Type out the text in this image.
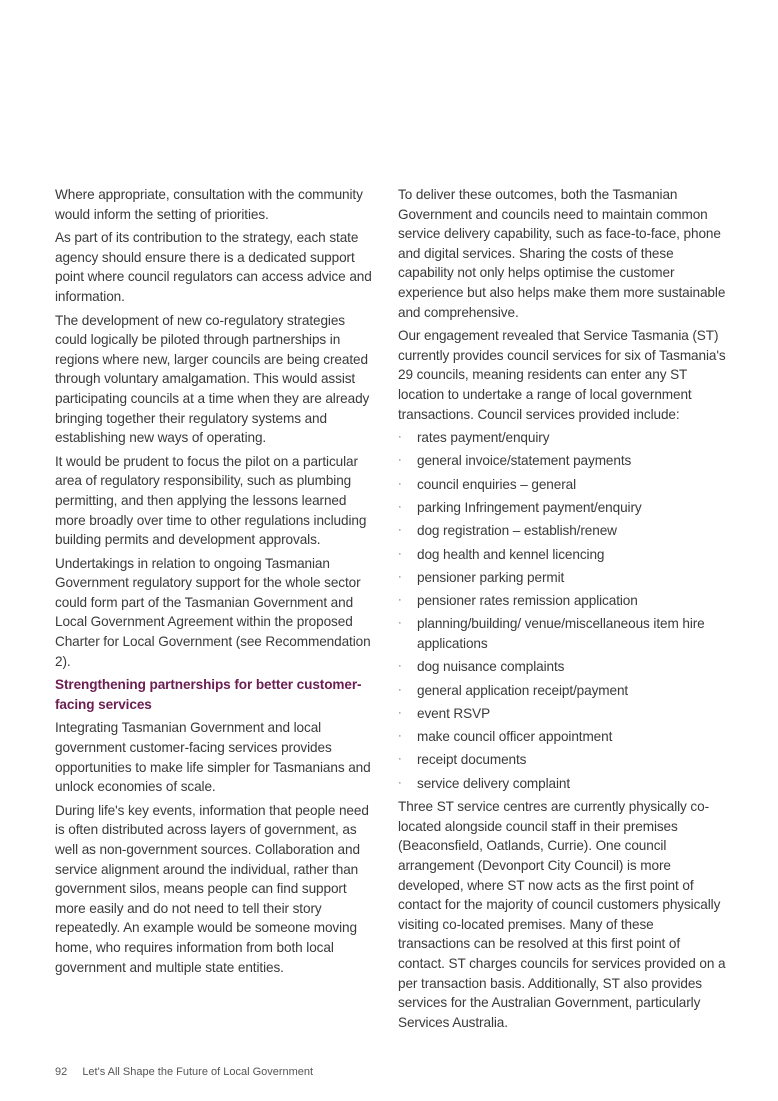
Where appropriate, consultation with the community would inform the setting of priorities.

As part of its contribution to the strategy, each state agency should ensure there is a dedicated support point where council regulators can access advice and information.

The development of new co-regulatory strategies could logically be piloted through partnerships in regions where new, larger councils are being created through voluntary amalgamation. This would assist participating councils at a time when they are already bringing together their regulatory systems and establishing new ways of operating.

It would be prudent to focus the pilot on a particular area of regulatory responsibility, such as plumbing permitting, and then applying the lessons learned more broadly over time to other regulations including building permits and development approvals.

Undertakings in relation to ongoing Tasmanian Government regulatory support for the whole sector could form part of the Tasmanian Government and Local Government Agreement within the proposed Charter for Local Government (see Recommendation 2).

Strengthening partnerships for better customer-facing services

Integrating Tasmanian Government and local government customer-facing services provides opportunities to make life simpler for Tasmanians and unlock economies of scale.

During life's key events, information that people need is often distributed across layers of government, as well as non-government sources. Collaboration and service alignment around the individual, rather than government silos, means people can find support more easily and do not need to tell their story repeatedly. An example would be someone moving home, who requires information from both local government and multiple state entities.

To deliver these outcomes, both the Tasmanian Government and councils need to maintain common service delivery capability, such as face-to-face, phone and digital services. Sharing the costs of these capability not only helps optimise the customer experience but also helps make them more sustainable and comprehensive.

Our engagement revealed that Service Tasmania (ST) currently provides council services for six of Tasmania's 29 councils, meaning residents can enter any ST location to undertake a range of local government transactions. Council services provided include:

· rates payment/enquiry
· general invoice/statement payments
· council enquiries – general
· parking Infringement payment/enquiry
· dog registration – establish/renew
· dog health and kennel licencing
· pensioner parking permit
· pensioner rates remission application
· planning/building/ venue/miscellaneous item hire applications
· dog nuisance complaints
· general application receipt/payment
· event RSVP
· make council officer appointment
· receipt documents
· service delivery complaint

Three ST service centres are currently physically co-located alongside council staff in their premises (Beaconsfield, Oatlands, Currie). One council arrangement (Devonport City Council) is more developed, where ST now acts as the first point of contact for the majority of council customers physically visiting co-located premises. Many of these transactions can be resolved at this first point of contact. ST charges councils for services provided on a per transaction basis. Additionally, ST also provides services for the Australian Government, particularly Services Australia.

92 Let's All Shape the Future of Local Government
